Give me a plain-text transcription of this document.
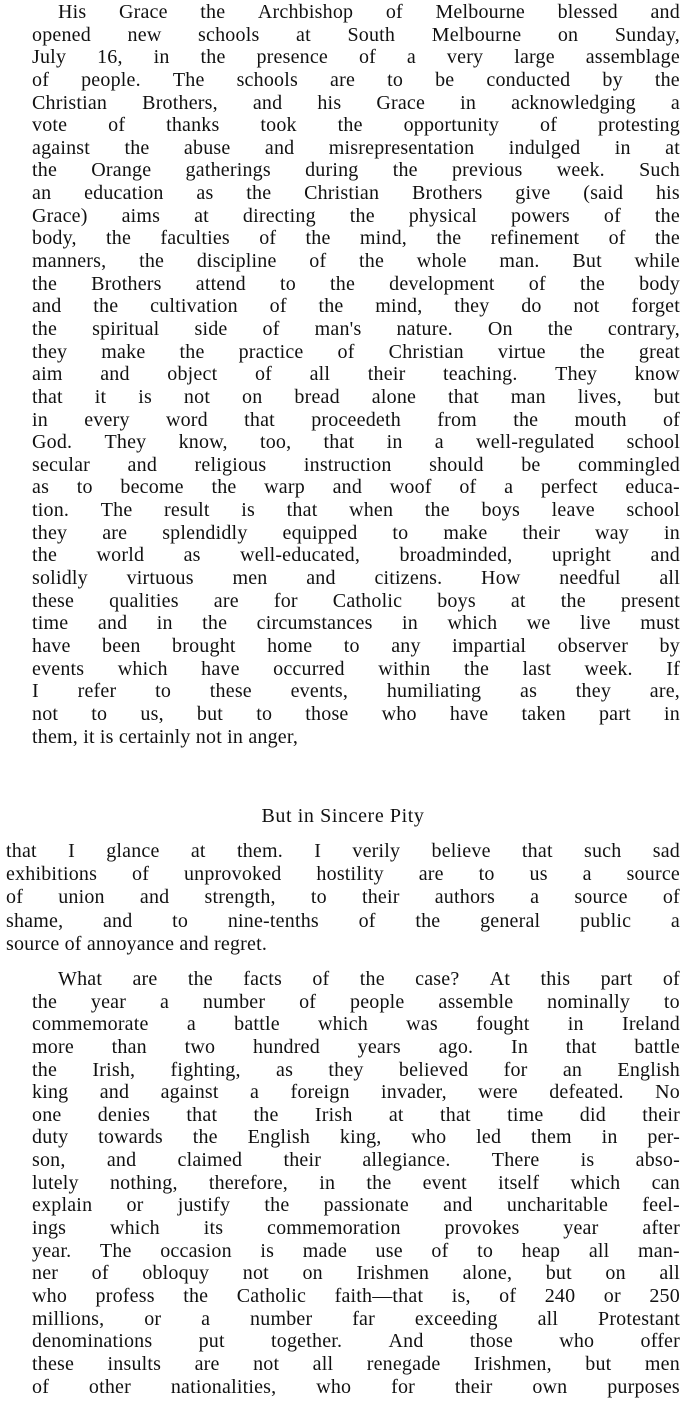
His	Grace	the	Archbishop	of	Melbourne	blessed	and
opened	new	schools	at	South	Melbourne	on	Sunday,
July	16,	in	the	presence	of	a	very	large	assemblage
of	people.	The	schools	are	to	be	conducted	by	the
Christian	Brothers,	and	his	Grace	in	acknowledging	a
vote	of	thanks	took	the	opportunity	of	protesting
against	the	abuse	and	misrepresentation	indulged	in	at
the	Orange	gatherings	during	the	previous	week.	Such
an	education	as	the	Christian	Brothers	give	(said	his
Grace)	aims	at	directing	the	physical	powers	of	the
body,	the	faculties	of	the	mind,	the	refinement	of	the
manners,	the	discipline	of	the	whole	man.	But	while
the	Brothers	attend	to	the	development	of	the	body
and	the	cultivation	of	the	mind,	they	do	not	forget
the	spiritual	side	of	man's	nature.	On	the	contrary,
they	make	the	practice	of	Christian	virtue	the	great
aim	and	object	of	all	their	teaching.	They	know
that	it	is	not	on	bread	alone	that	man	lives,	but
in	every	word	that	proceedeth	from	the	mouth	of
God.	They	know,	too,	that	in	a	well-regulated	school
secular	and	religious	instruction	should	be	commingled
as	to	become	the	warp	and	woof	of	a	perfect	educa-
tion.	The	result	is	that	when	the	boys	leave	school
they	are	splendidly	equipped	to	make	their	way	in
the	world	as	well-educated,	broadminded,	upright	and
solidly	virtuous	men	and	citizens.	How	needful	all
these	qualities	are	for	Catholic	boys	at	the	present
time	and	in	the	circumstances	in	which	we	live	must
have	been	brought	home	to	any	impartial	observer	by
events	which	have	occurred	within	the	last	week.	If
I	refer	to	these	events,	humiliating	as	they	are,
not	to	us,	but	to	those	who	have	taken	part	in
them, it is certainly not in anger,
But in Sincere Pity
that I glance at them. I verily believe that such sad
exhibitions of unprovoked hostility are to us a source
of union and strength, to their authors a source of
shame, and to nine-tenths of the general public a
source of annoyance and regret.
What	are	the	facts	of	the	case?	At	this	part	of
the	year	a	number	of	people	assemble	nominally	to
commemorate	a	battle	which	was	fought	in	Ireland
more	than	two	hundred	years	ago.	In	that	battle
the	Irish,	fighting,	as	they	believed	for	an	English
king	and	against	a	foreign	invader,	were	defeated.	No
one	denies	that	the	Irish	at	that	time	did	their
duty	towards	the	English	king,	who	led	them	in	per-
son,	and	claimed	their	allegiance.	There	is	abso-
lutely	nothing,	therefore,	in	the	event	itself	which	can
explain	or	justify	the	passionate	and	uncharitable	feel-
ings	which	its	commemoration	provokes	year	after
year.	The	occasion	is	made	use	of	to	heap	all	man-
ner	of	obloquy	not	on	Irishmen	alone,	but	on	all
who	profess	the	Catholic	faith—that	is,	of	240	or	250
millions,	or	a	number	far	exceeding	all	Protestant
denominations	put	together.	And	those	who	offer
these	insults	are	not	all	renegade	Irishmen,	but	men
of	other	nationalities,	who	for	their	own	purposes
